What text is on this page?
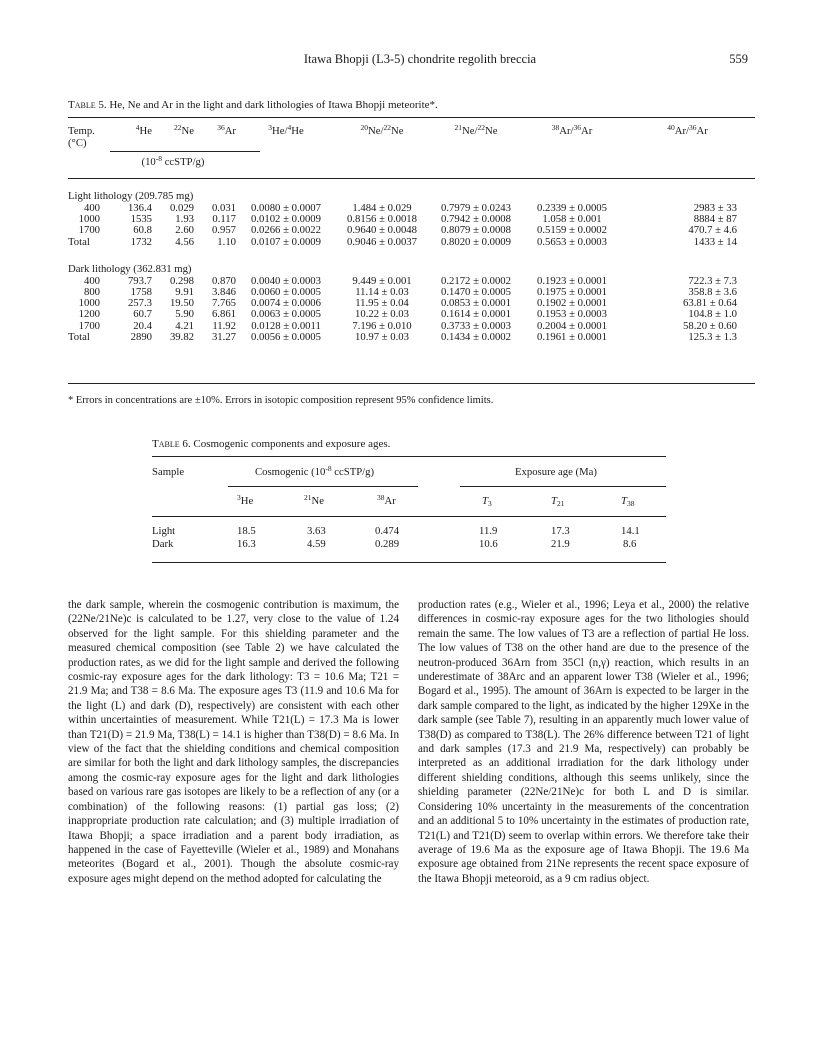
Itawa Bhopji (L3-5) chondrite regolith breccia	559
Table 5. He, Ne and Ar in the light and dark lithologies of Itawa Bhopji meteorite*.
Temp.	$^4$He	$^{22}$Ne	$^{36}$Ar	$^3$He/$^4$He	$^{20}$Ne/$^{22}$Ne	$^{21}$Ne/$^{22}$Ne	$^{38}$Ar/$^{36}$Ar	$^{40}$Ar/$^{36}$Ar
(°C)								
	($10^{-8}$ ccSTP/g)							

Light lithology (209.785 mg)								
400	136.4	0.029	0.031	0.0080 ± 0.0007	1.484 ± 0.029	0.7979 ± 0.0243	0.2339 ± 0.0005	2983 ± 33
1000	1535	1.93	0.117	0.0102 ± 0.0009	0.8156 ± 0.0018	0.7942 ± 0.0008	1.058 ± 0.001	8884 ± 87
1700	60.8	2.60	0.957	0.0266 ± 0.0022	0.9640 ± 0.0048	0.8079 ± 0.0008	0.5159 ± 0.0002	470.7 ± 4.6
Total	1732	4.56	1.10	0.0107 ± 0.0009	0.9046 ± 0.0037	0.8020 ± 0.0009	0.5653 ± 0.0003	1433 ± 14

Dark lithology (362.831 mg)								
400	793.7	0.298	0.870	0.0040 ± 0.0003	9.449 ± 0.001	0.2172 ± 0.0002	0.1923 ± 0.0001	722.3 ± 7.3
800	1758	9.91	3.846	0.0060 ± 0.0005	11.14 ± 0.03	0.1470 ± 0.0005	0.1975 ± 0.0001	358.8 ± 3.6
1000	257.3	19.50	7.765	0.0074 ± 0.0006	11.95 ± 0.04	0.0853 ± 0.0001	0.1902 ± 0.0001	63.81 ± 0.64
1200	60.7	5.90	6.861	0.0063 ± 0.0005	10.22 ± 0.03	0.1614 ± 0.0001	0.1953 ± 0.0003	104.8 ± 1.0
1700	20.4	4.21	11.92	0.0128 ± 0.0011	7.196 ± 0.010	0.3733 ± 0.0003	0.2004 ± 0.0001	58.20 ± 0.60
Total	2890	39.82	31.27	0.0056 ± 0.0005	10.97 ± 0.03	0.1434 ± 0.0002	0.1961 ± 0.0001	125.3 ± 1.3
* Errors in concentrations are ±10%. Errors in isotopic composition represent 95% confidence limits.
Table 6. Cosmogenic components and exposure ages.
Sample	Cosmogenic ($10^{-8}$ ccSTP/g)	Exposure age (Ma)
$^3$He	$^{21}$Ne	$^{38}$Ar	$T_3$	$T_{21}$	$T_{38}$
Light	18.5	3.63	0.474	11.9	17.3	14.1
Dark	16.3	4.59	0.289	10.6	21.9	8.6

the dark sample, wherein the cosmogenic contribution is maximum, the (22Ne/21Ne)c is calculated to be 1.27, very close to the value of 1.24 observed for the light sample. For this shielding parameter and the measured chemical composition (see Table 2) we have calculated the production rates, as we did for the light sample and derived the following cosmic-ray exposure ages for the dark lithology: T3 = 10.6 Ma; T21 = 21.9 Ma; and T38 = 8.6 Ma. The exposure ages T3 (11.9 and 10.6 Ma for the light (L) and dark (D), respectively) are consistent with each other within uncertainties of measurement. While T21(L) = 17.3 Ma is lower than T21(D) = 21.9 Ma, T38(L) = 14.1 is higher than T38(D) = 8.6 Ma. In view of the fact that the shielding conditions and chemical composition are similar for both the light and dark lithology samples, the discrepancies among the cosmic-ray exposure ages for the light and dark lithologies based on various rare gas isotopes are likely to be a reflection of any (or a combination) of the following reasons: (1) partial gas loss; (2) inappropriate production rate calculation; and (3) multiple irradiation of Itawa Bhopji; a space irradiation and a parent body irradiation, as happened in the case of Fayetteville (Wieler et al., 1989) and Monahans meteorites (Bogard et al., 2001). Though the absolute cosmic-ray exposure ages might depend on the method adopted for calculating the

production rates (e.g., Wieler et al., 1996; Leya et al., 2000) the relative differences in cosmic-ray exposure ages for the two lithologies should remain the same. The low values of T3 are a reflection of partial He loss. The low values of T38 on the other hand are due to the presence of the neutron-produced 36Arn from 35Cl (n,γ) reaction, which results in an underestimate of 38Arc and an apparent lower T38 (Wieler et al., 1996; Bogard et al., 1995). The amount of 36Arn is expected to be larger in the dark sample compared to the light, as indicated by the higher 129Xe in the dark sample (see Table 7), resulting in an apparently much lower value of T38(D) as compared to T38(L). The 26% difference between T21 of light and dark samples (17.3 and 21.9 Ma, respectively) can probably be interpreted as an additional irradiation for the dark lithology under different shielding conditions, although this seems unlikely, since the shielding parameter (22Ne/21Ne)c for both L and D is similar. Considering 10% uncertainty in the measurements of the concentration and an additional 5 to 10% uncertainty in the estimates of production rate, T21(L) and T21(D) seem to overlap within errors. We therefore take their average of 19.6 Ma as the exposure age of Itawa Bhopji. The 19.6 Ma exposure age obtained from 21Ne represents the recent space exposure of the Itawa Bhopji meteoroid, as a 9 cm radius object.
